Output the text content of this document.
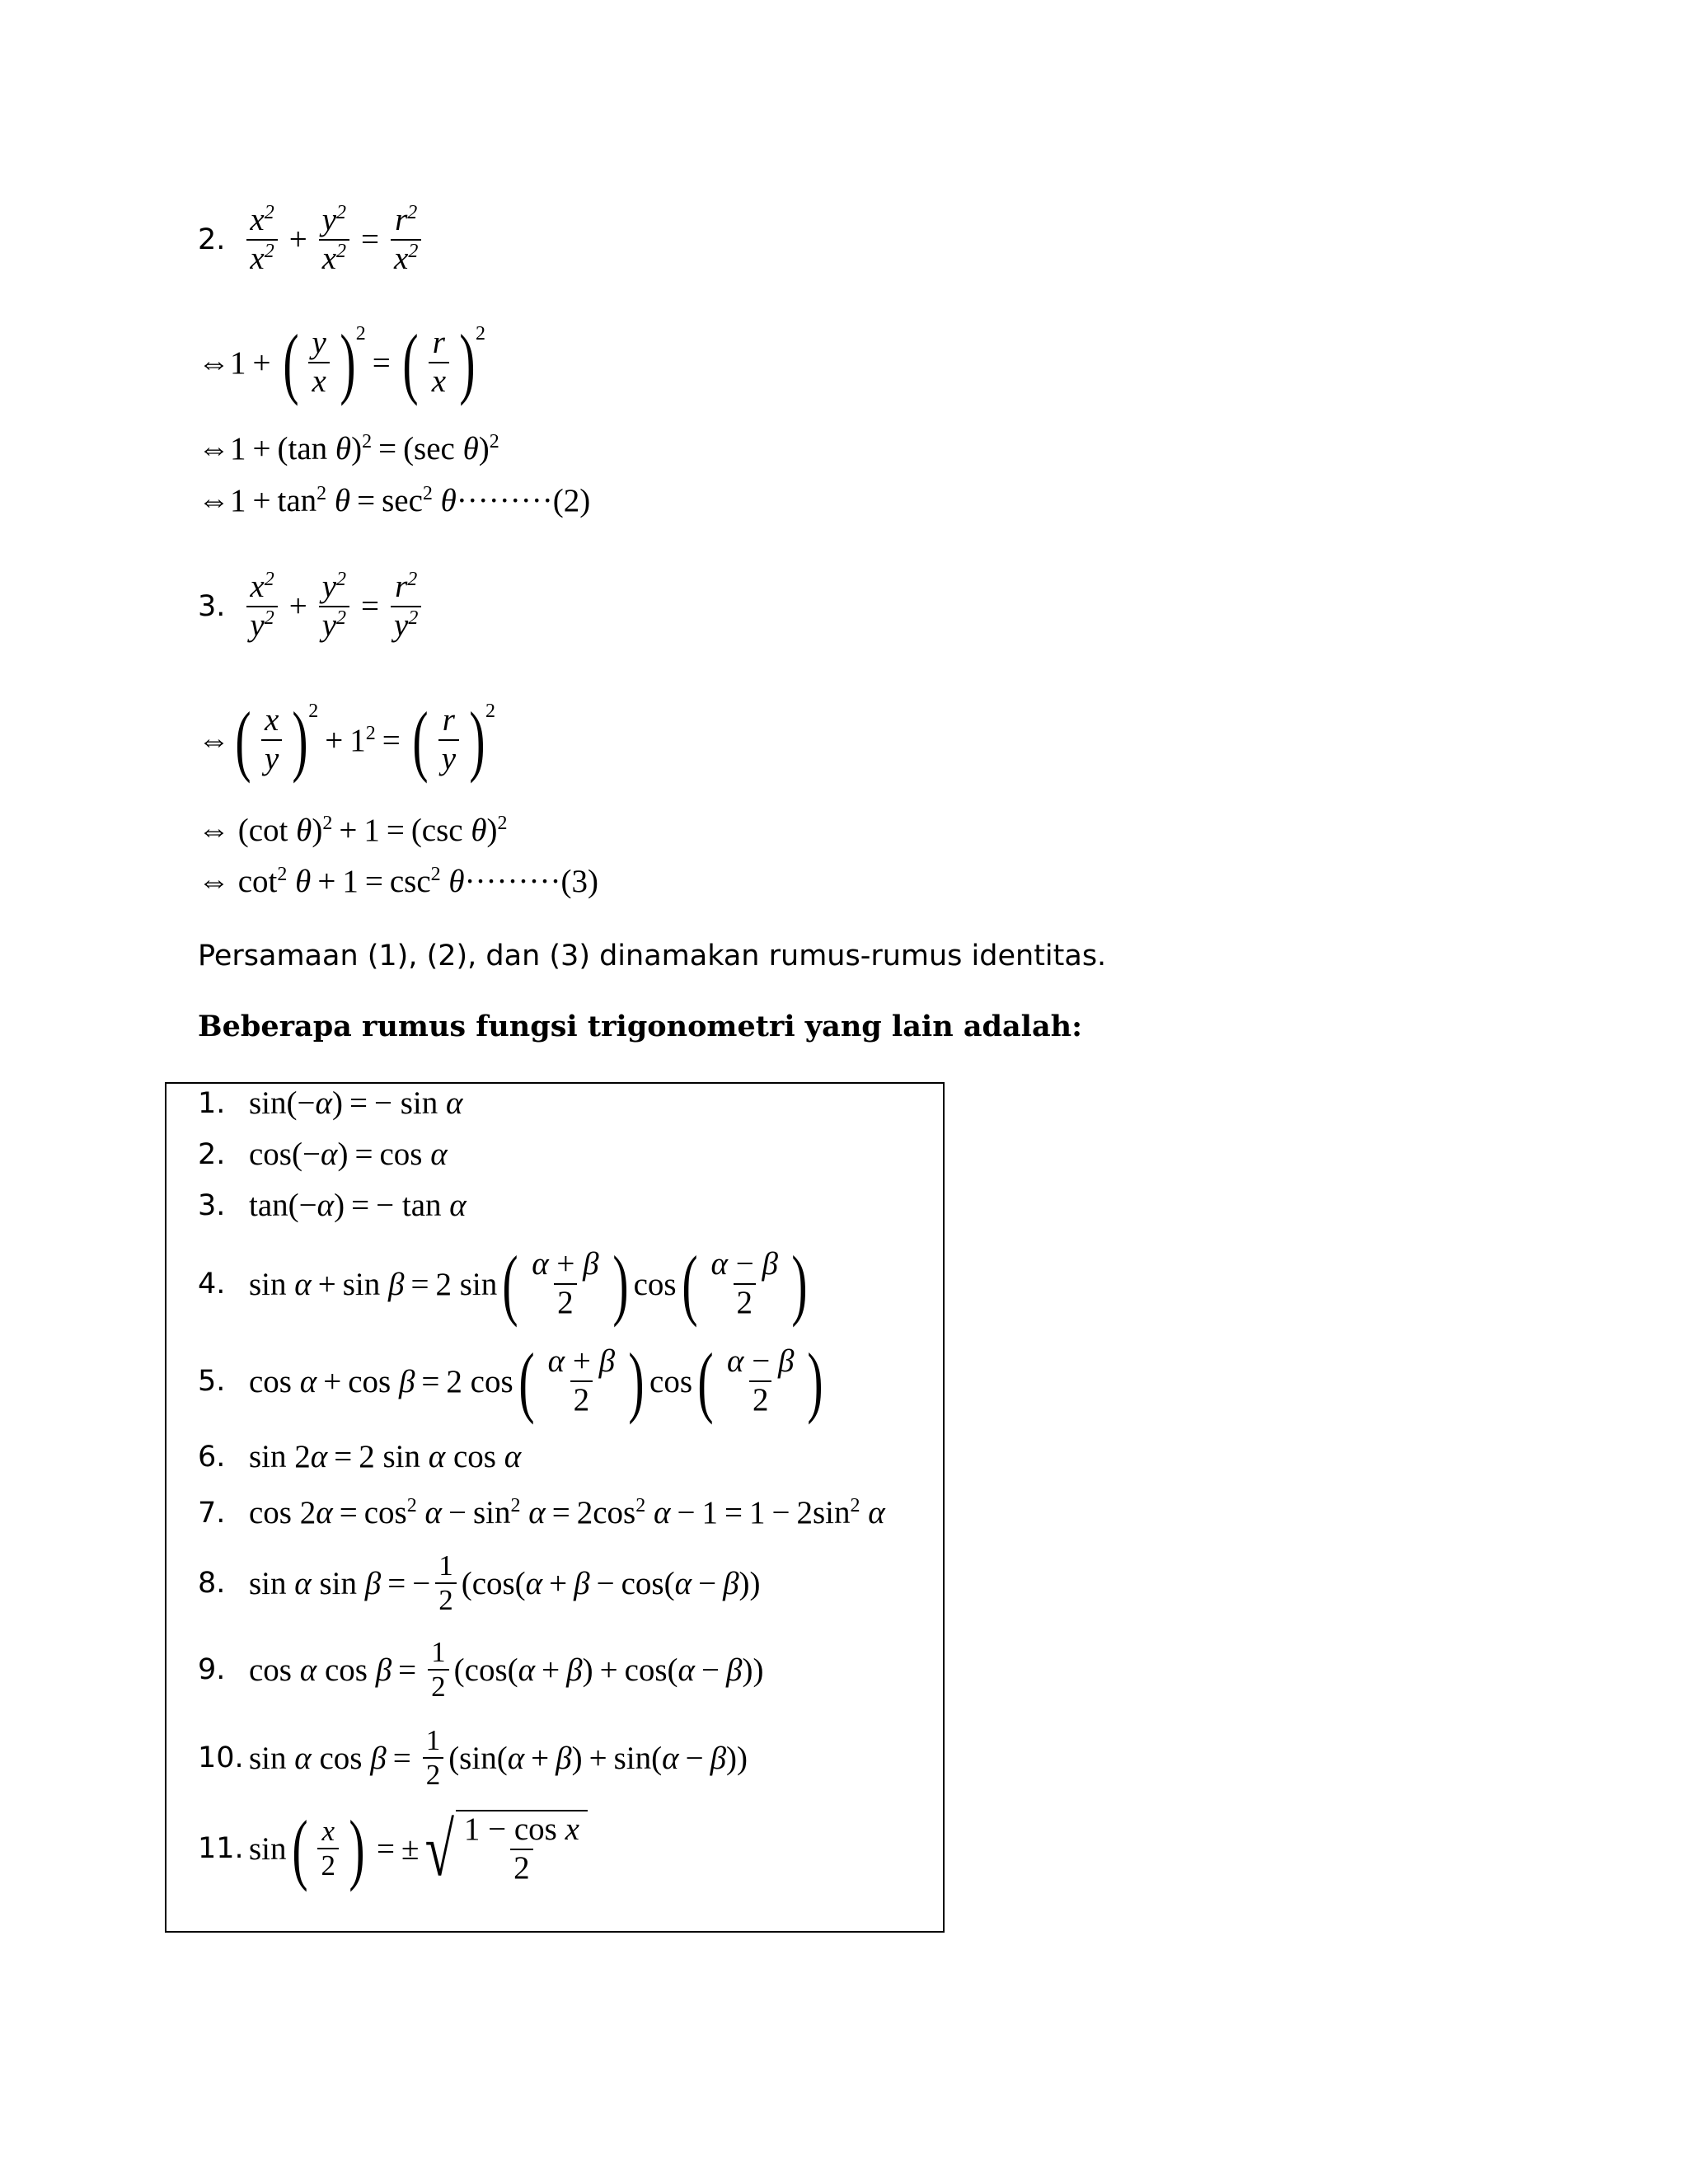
2. $\frac{x^2}{x^2} + \frac{y^2}{x^2} = \frac{r^2}{x^2}$
⇔ 1 + ( $\frac{y}{x}$ ) 2
= ( $\frac{r}{x}$ ) 2
⇔1 + (tan θ)$^2$ = (sec θ)$^2$
⇔1 + $\tan^2 \theta = \sec^2 \theta$ ········· (2)
3. $\frac{x^2}{y^2} + \frac{y^2}{y^2} = \frac{r^2}{y^2}$
⇔ ( $\frac{x}{y}$ ) 2
+ $1^2$ = ( $\frac{r}{y}$ ) 2
⇔ (cot θ)$^2$ + 1 = (csc θ)$^2$
⇔ $\cot^2 \theta + 1 = \csc^2 \theta$ ········· (3)
Persamaan (1), (2), dan (3) dinamakan rumus-rumus identitas.
Beberapa rumus fungsi trigonometri yang lain adalah:
1. sin(−α) = − sin α
2. cos(−α) = cos α
3. tan(−α) = − tan α
4. sin α + sin β = 2 sin ( $\frac{\alpha + \beta}{2}$ ) cos ( $\frac{\alpha - \beta}{2}$ )
5. cos α + cos β = 2 cos ( $\frac{\alpha + \beta}{2}$ ) cos ( $\frac{\alpha - \beta}{2}$ )
6. sin 2α = 2 sin α cos α
7. $\cos 2\alpha = \cos^2 \alpha - \sin^2 \alpha = 2\cos^2$ $\alpha - 1 = 1 - 2\sin^2$ α
8. sin α sin β = − $\frac{1}{2} (\cos(\alpha + \beta - \cos(\alpha - \beta))$
9. cos α $\cos \beta = \frac{1}{2} (\cos(\alpha + \beta) + \cos(\alpha - \beta))$
10. sin α $\cos \beta = \frac{1}{2} (\sin(\alpha + \beta) + \sin(\alpha - \beta))$
11. sin ( $\frac{x}{2}$ ) = ± √ $\frac{\text{1 − cos x}}{2}$
